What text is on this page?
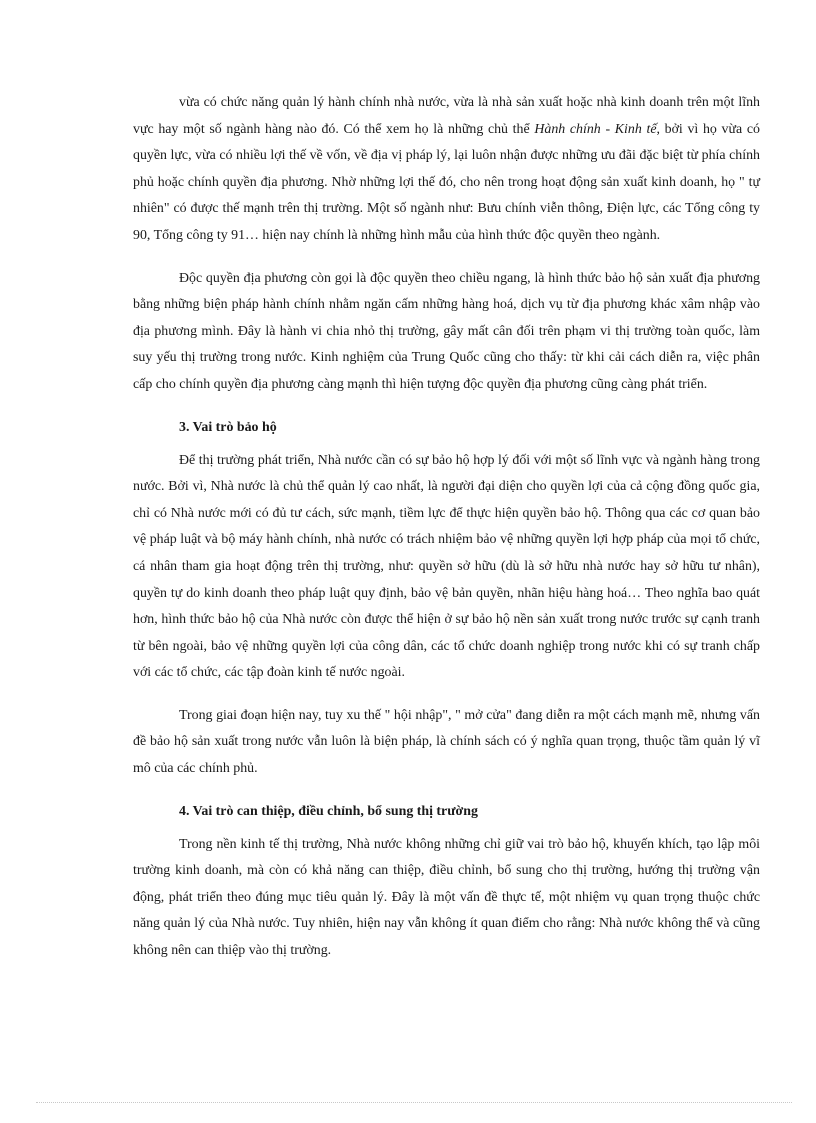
vừa có chức năng quản lý hành chính nhà nước, vừa là nhà sản xuất hoặc nhà kinh doanh trên một lĩnh vực hay một số ngành hàng nào đó. Có thể xem họ là những chủ thể Hành chính - Kinh tế, bởi vì họ vừa có quyền lực, vừa có nhiều lợi thế về vốn, về địa vị pháp lý, lại luôn nhận được những ưu đãi đặc biệt từ phía chính phủ hoặc chính quyền địa phương. Nhờ những lợi thế đó, cho nên trong hoạt động sản xuất kinh doanh, họ " tự nhiên" có được thế mạnh trên thị trường. Một số ngành như: Bưu chính viễn thông, Điện lực, các Tổng công ty 90, Tổng công ty 91… hiện nay chính là những hình mẫu của hình thức độc quyền theo ngành.

Độc quyền địa phương còn gọi là độc quyền theo chiều ngang, là hình thức bảo hộ sản xuất địa phương bằng những biện pháp hành chính nhằm ngăn cấm những hàng hoá, dịch vụ từ địa phương khác xâm nhập vào địa phương mình. Đây là hành vi chia nhỏ thị trường, gây mất cân đối trên phạm vi thị trường toàn quốc, làm suy yếu thị trường trong nước. Kinh nghiệm của Trung Quốc cũng cho thấy: từ khi cải cách diễn ra, việc phân cấp cho chính quyền địa phương càng mạnh thì hiện tượng độc quyền địa phương cũng càng phát triển.

3. Vai trò bảo hộ

Để thị trường phát triển, Nhà nước cần có sự bảo hộ hợp lý đối với một số lĩnh vực và ngành hàng trong nước. Bởi vì, Nhà nước là chủ thể quản lý cao nhất, là người đại diện cho quyền lợi của cả cộng đồng quốc gia, chỉ có Nhà nước mới có đủ tư cách, sức mạnh, tiềm lực để thực hiện quyền bảo hộ. Thông qua các cơ quan bảo vệ pháp luật và bộ máy hành chính, nhà nước có trách nhiệm bảo vệ những quyền lợi hợp pháp của mọi tổ chức, cá nhân tham gia hoạt động trên thị trường, như: quyền sở hữu (dù là sở hữu nhà nước hay sở hữu tư nhân), quyền tự do kinh doanh theo pháp luật quy định, bảo vệ bản quyền, nhãn hiệu hàng hoá… Theo nghĩa bao quát hơn, hình thức bảo hộ của Nhà nước còn được thể hiện ở sự bảo hộ nền sản xuất trong nước trước sự cạnh tranh từ bên ngoài, bảo vệ những quyền lợi của công dân, các tổ chức doanh nghiệp trong nước khi có sự tranh chấp với các tổ chức, các tập đoàn kinh tế nước ngoài.

Trong giai đoạn hiện nay, tuy xu thế " hội nhập", " mở cửa" đang diễn ra một cách mạnh mẽ, nhưng vấn đề bảo hộ sản xuất trong nước vẫn luôn là biện pháp, là chính sách có ý nghĩa quan trọng, thuộc tầm quản lý vĩ mô của các chính phủ.

4. Vai trò can thiệp, điều chỉnh, bổ sung thị trường

Trong nền kinh tế thị trường, Nhà nước không những chỉ giữ vai trò bảo hộ, khuyến khích, tạo lập môi trường kinh doanh, mà còn có khả năng can thiệp, điều chỉnh, bổ sung cho thị trường, hướng thị trường vận động, phát triển theo đúng mục tiêu quản lý. Đây là một vấn đề thực tế, một nhiệm vụ quan trọng thuộc chức năng quản lý của Nhà nước. Tuy nhiên, hiện nay vẫn không ít quan điểm cho rằng: Nhà nước không thể và cũng không nên can thiệp vào thị trường.
